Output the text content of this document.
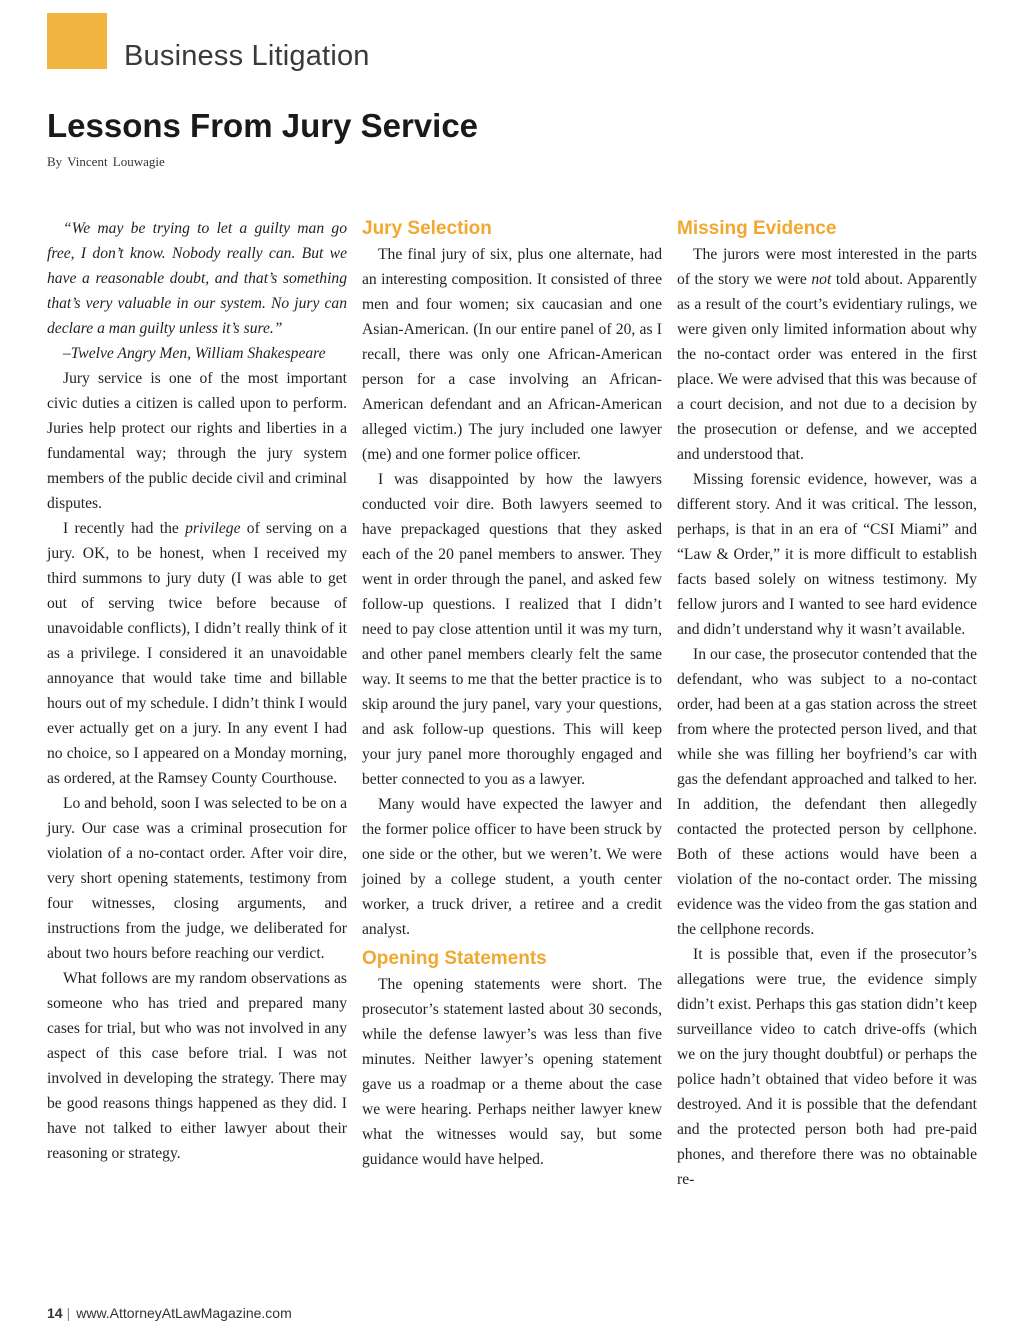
Business Litigation
Lessons From Jury Service
By Vincent Louwagie

“We may be trying to let a guilty man go free, I don’t know. Nobody really can. But we have a reasonable doubt, and that’s something that’s very valuable in our system. No jury can declare a man guilty unless it’s sure.”

–Twelve Angry Men, William Shakespeare

Jury service is one of the most important civic duties a citizen is called upon to perform. Juries help protect our rights and liberties in a fundamental way; through the jury system members of the public decide civil and criminal disputes.

I recently had the privilege of serving on a jury. OK, to be honest, when I received my third summons to jury duty (I was able to get out of serving twice before because of unavoidable conflicts), I didn’t really think of it as a privilege. I considered it an unavoidable annoyance that would take time and billable hours out of my schedule. I didn’t think I would ever actually get on a jury. In any event I had no choice, so I appeared on a Monday morning, as ordered, at the Ramsey County Courthouse.

Lo and behold, soon I was selected to be on a jury. Our case was a criminal prosecution for violation of a no-contact order. After voir dire, very short opening statements, testimony from four witnesses, closing arguments, and instructions from the judge, we deliberated for about two hours before reaching our verdict.

What follows are my random observations as someone who has tried and prepared many cases for trial, but who was not involved in any aspect of this case before trial. I was not involved in developing the strategy. There may be good reasons things happened as they did. I have not talked to either lawyer about their reasoning or strategy.

Jury Selection

The final jury of six, plus one alternate, had an interesting composition. It consisted of three men and four women; six caucasian and one Asian-American. (In our entire panel of 20, as I recall, there was only one African-American person for a case involving an African-American defendant and an African-American alleged victim.) The jury included one lawyer (me) and one former police officer.

I was disappointed by how the lawyers conducted voir dire. Both lawyers seemed to have prepackaged questions that they asked each of the 20 panel members to answer. They went in order through the panel, and asked few follow-up questions. I realized that I didn’t need to pay close attention until it was my turn, and other panel members clearly felt the same way. It seems to me that the better practice is to skip around the jury panel, vary your questions, and ask follow-up questions. This will keep your jury panel more thoroughly engaged and better connected to you as a lawyer.

Many would have expected the lawyer and the former police officer to have been struck by one side or the other, but we weren’t. We were joined by a college student, a youth center worker, a truck driver, a retiree and a credit analyst.

Opening Statements

The opening statements were short. The prosecutor’s statement lasted about 30 seconds, while the defense lawyer’s was less than five minutes. Neither lawyer’s opening statement gave us a roadmap or a theme about the case we were hearing. Perhaps neither lawyer knew what the witnesses would say, but some guidance would have helped.

Missing Evidence

The jurors were most interested in the parts of the story we were not told about. Apparently as a result of the court’s evidentiary rulings, we were given only limited information about why the no-contact order was entered in the first place. We were advised that this was because of a court decision, and not due to a decision by the prosecution or defense, and we accepted and understood that.

Missing forensic evidence, however, was a different story. And it was critical. The lesson, perhaps, is that in an era of “CSI Miami” and “Law & Order,” it is more difficult to establish facts based solely on witness testimony. My fellow jurors and I wanted to see hard evidence and didn’t understand why it wasn’t available.

In our case, the prosecutor contended that the defendant, who was subject to a no-contact order, had been at a gas station across the street from where the protected person lived, and that while she was filling her boyfriend’s car with gas the defendant approached and talked to her. In addition, the defendant then allegedly contacted the protected person by cellphone. Both of these actions would have been a violation of the no-contact order. The missing evidence was the video from the gas station and the cellphone records.

It is possible that, even if the prosecutor’s allegations were true, the evidence simply didn’t exist. Perhaps this gas station didn’t keep surveillance video to catch drive-offs (which we on the jury thought doubtful) or perhaps the police hadn’t obtained that video before it was destroyed. And it is possible that the defendant and the protected person both had pre-paid phones, and therefore there was no obtainable re-

14 | www.AttorneyAtLawMagazine.com
